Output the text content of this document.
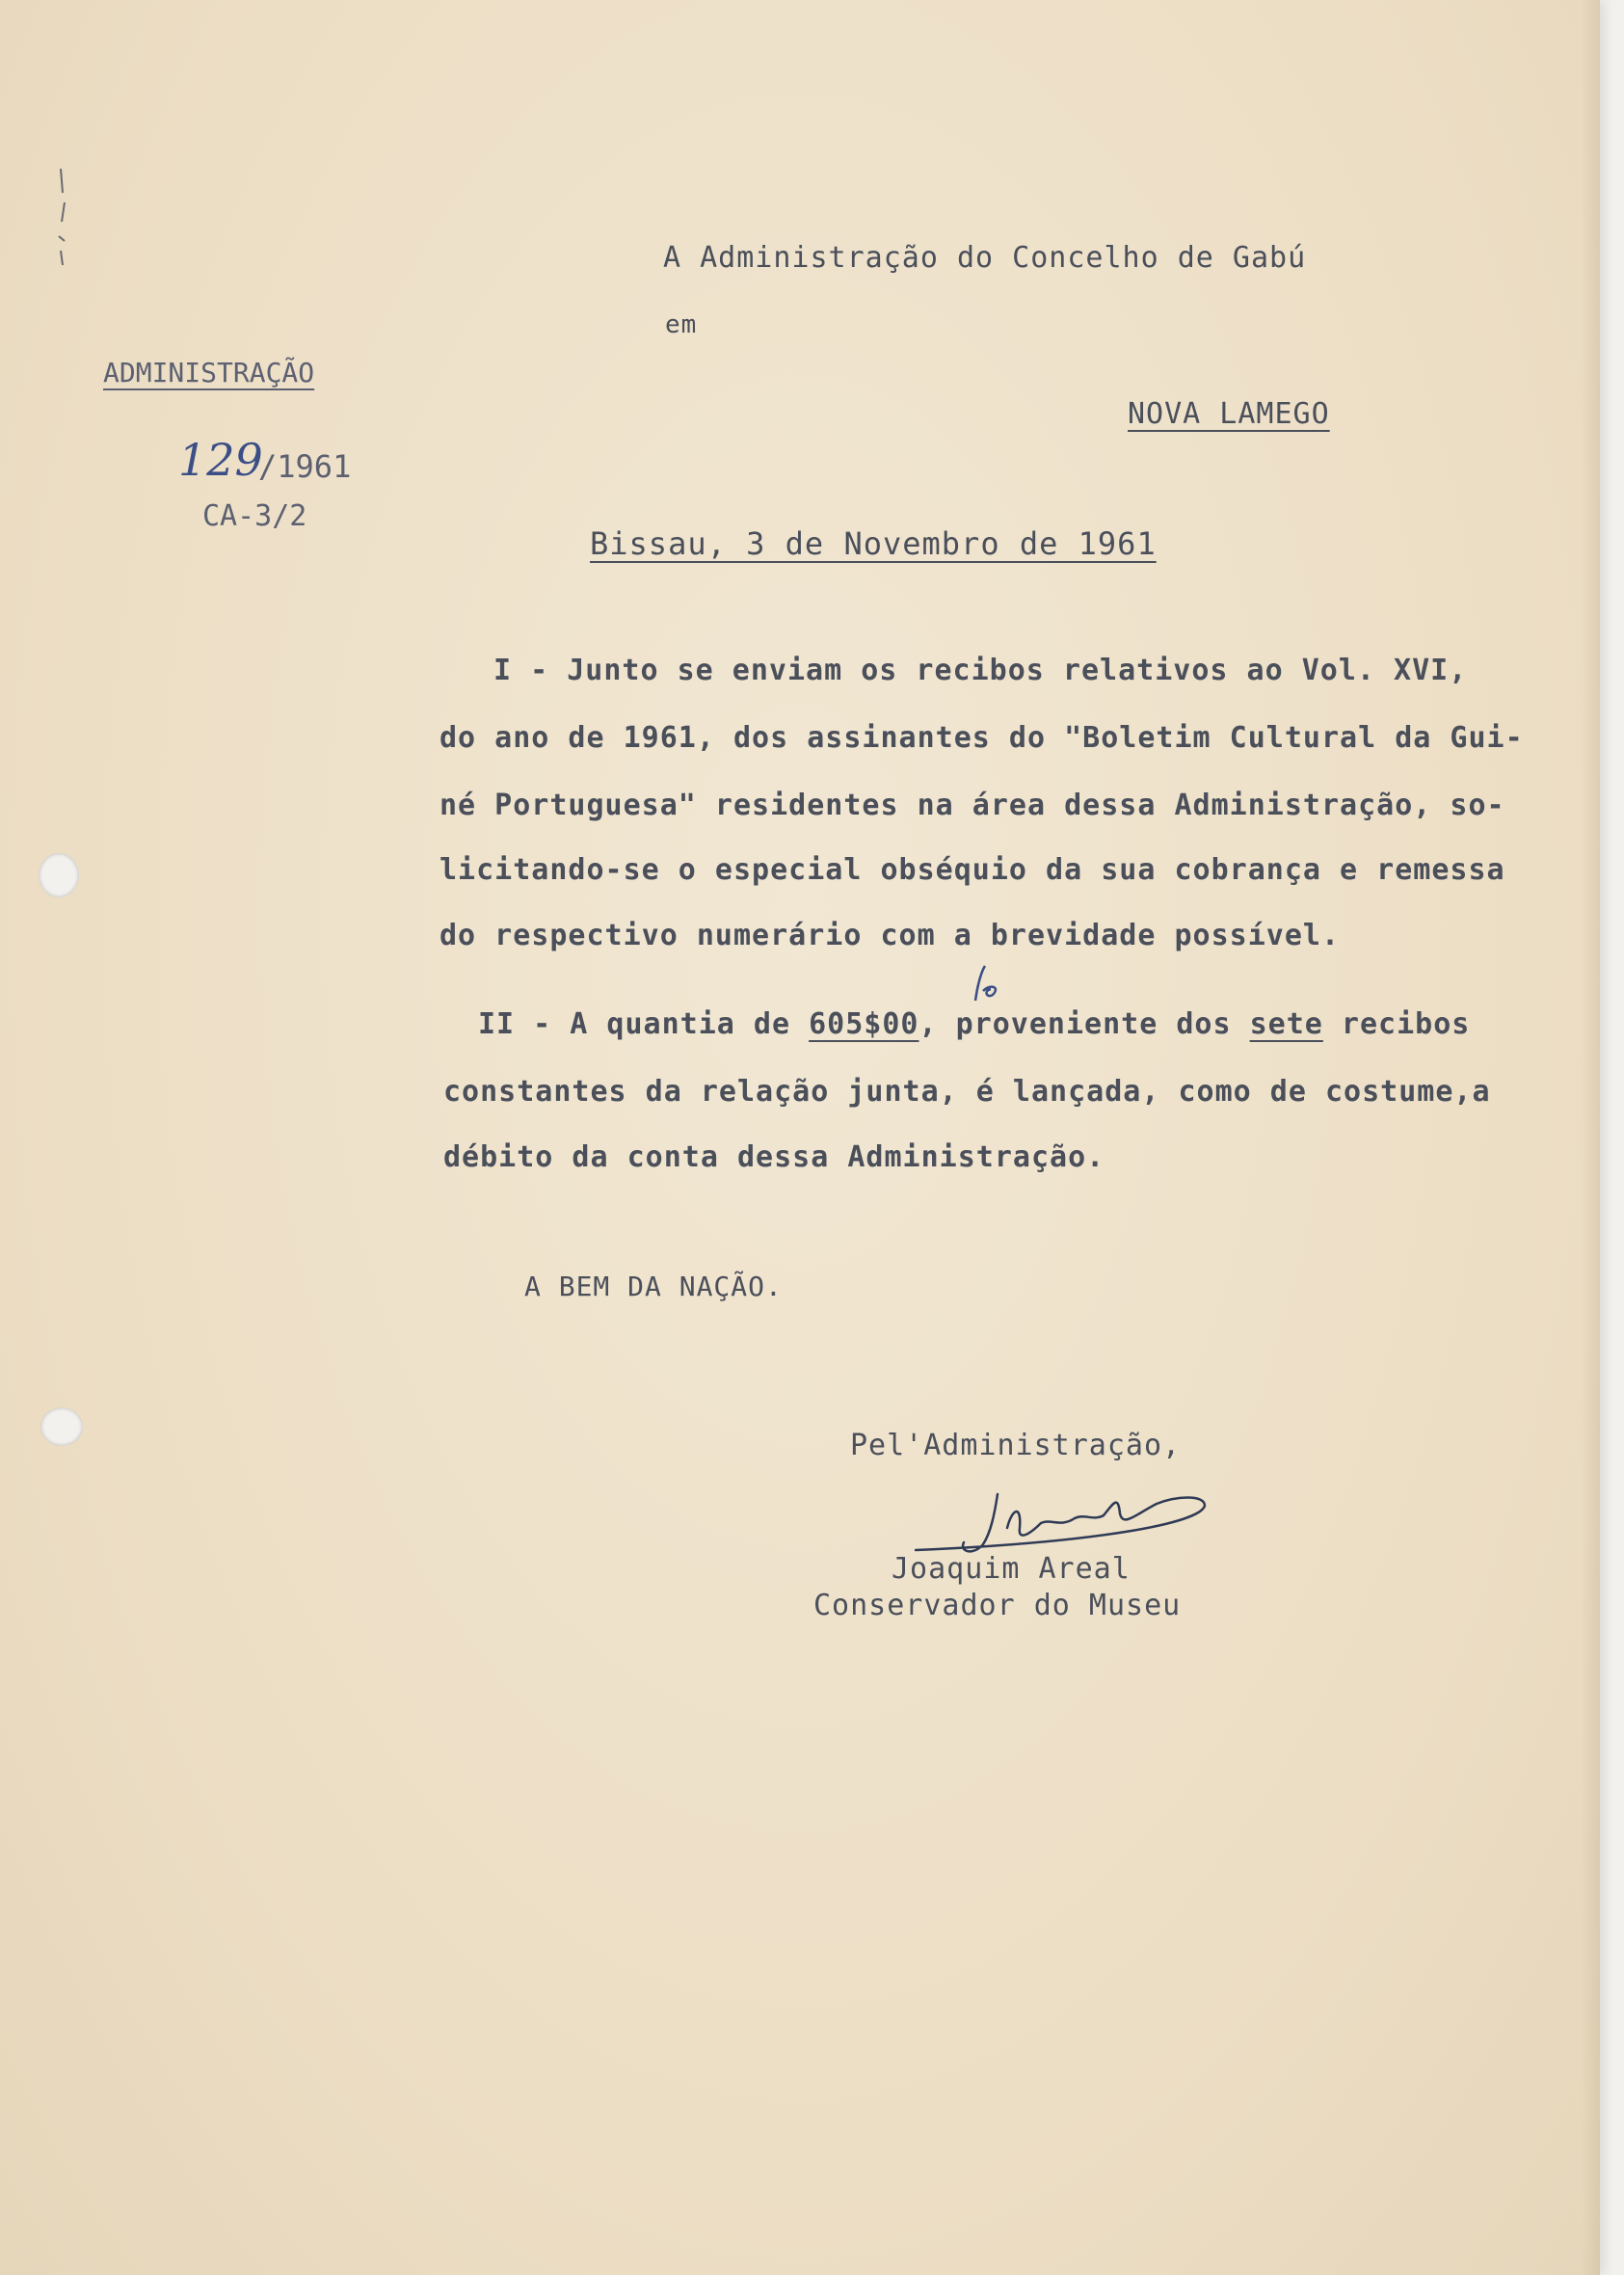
A Administração do Concelho de Gabú
em
NOVA LAMEGO
ADMINISTRAÇÃO
129
/1961
CA-3/2
Bissau, 3 de Novembro de 1961
I - Junto se enviam os recibos relativos ao Vol. XVI,
do ano de 1961, dos assinantes do "Boletim Cultural da Gui-
né Portuguesa" residentes na área dessa Administração, so-
licitando-se o especial obséquio da sua cobrança e remessa
do respectivo numerário com a brevidade possível.
II - A quantia de 605$00, proveniente dos sete recibos
constantes da relação junta, é lançada, como de costume,a
débito da conta dessa Administração.
A BEM DA NAÇÃO.
Pel'Administração,
Joaquim Areal
Conservador do Museu
